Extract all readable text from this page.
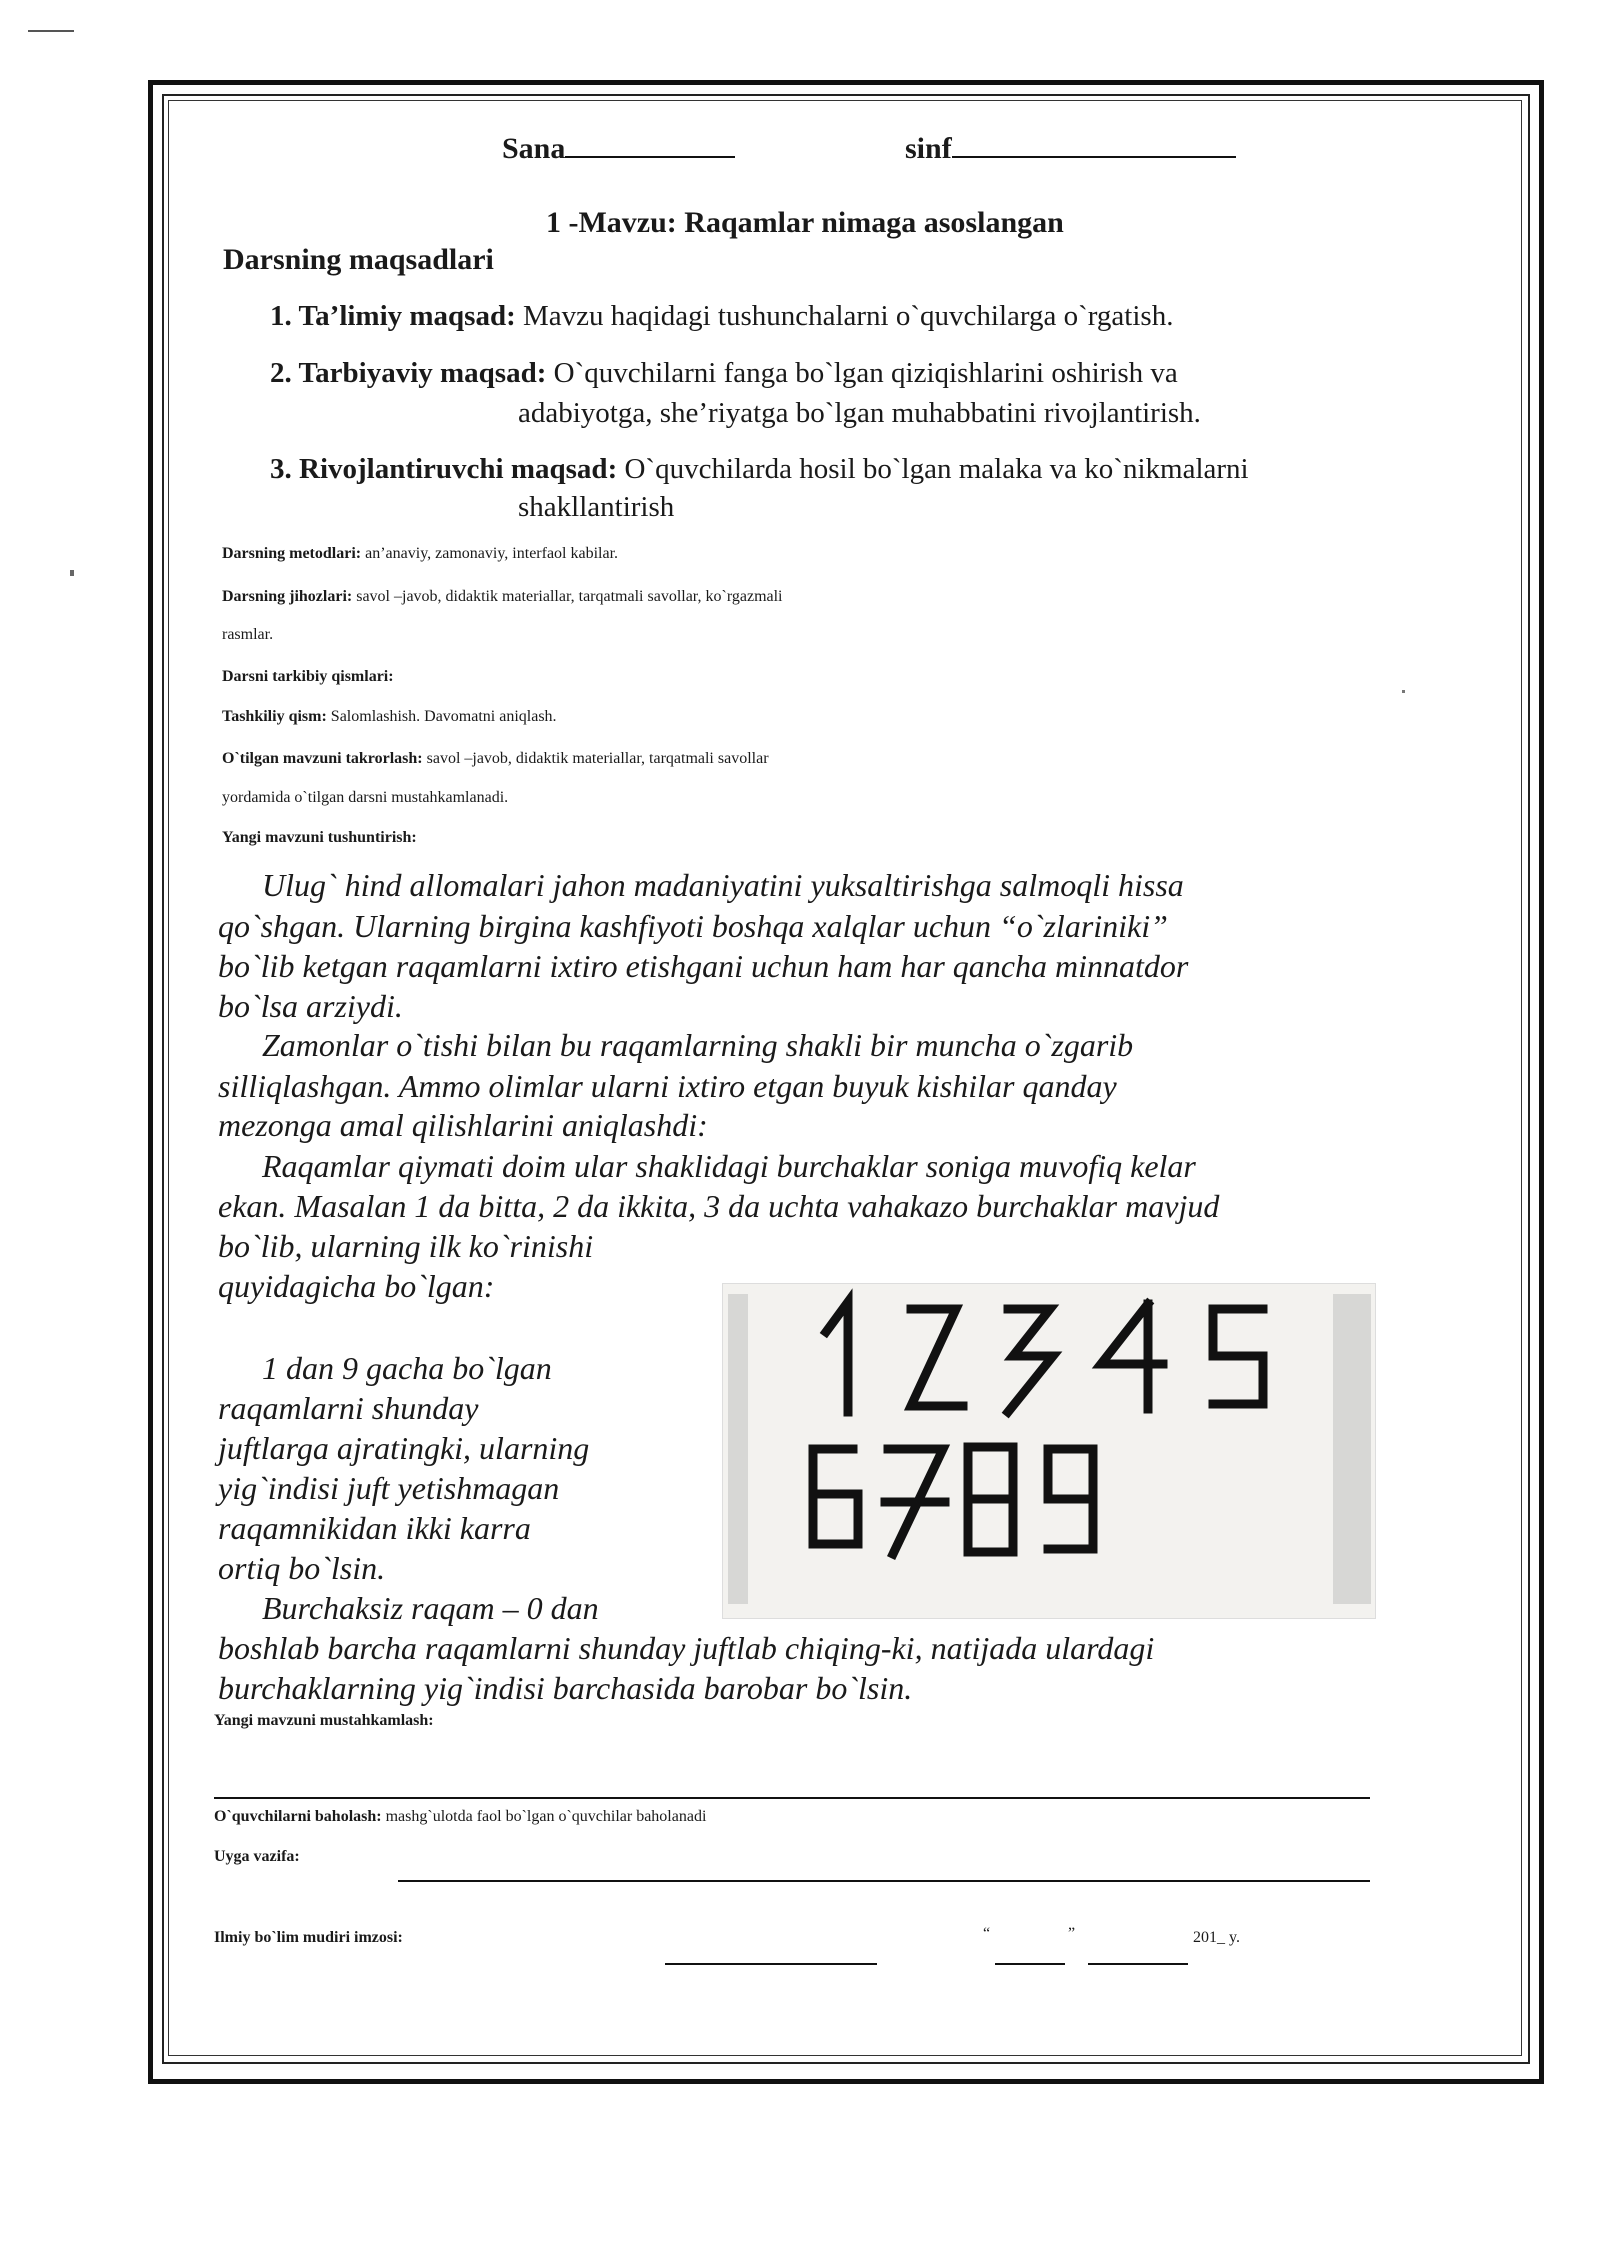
Sana	sinf
1 -Mavzu: Raqamlar nimaga asoslangan
Darsning maqsadlari
1. Ta’limiy maqsad: Mavzu haqidagi tushunchalarni o`quvchilarga o`rgatish.
2. Tarbiyaviy maqsad: O`quvchilarni fanga bo`lgan qiziqishlarini oshirish va
adabiyotga, she’riyatga bo`lgan muhabbatini rivojlantirish.
3. Rivojlantiruvchi maqsad: O`quvchilarda hosil bo`lgan malaka va ko`nikmalarni
shakllantirish
Darsning metodlari: an’anaviy, zamonaviy, interfaol kabilar.
Darsning jihozlari: savol –javob, didaktik materiallar, tarqatmali savollar, ko`rgazmali
rasmlar.
Darsni tarkibiy qismlari:
Tashkiliy qism: Salomlashish. Davomatni aniqlash.
O`tilgan mavzuni takrorlash: savol –javob, didaktik materiallar, tarqatmali savollar
yordamida o`tilgan darsni mustahkamlanadi.
Yangi mavzuni tushuntirish:
Ulug` hind allomalari jahon madaniyatini yuksaltirishga salmoqli hissa
qo`shgan. Ularning birgina kashfiyoti boshqa xalqlar uchun “o`zlariniki”
bo`lib ketgan raqamlarni ixtiro etishgani uchun ham har qancha minnatdor
bo`lsa arziydi.
Zamonlar o`tishi bilan bu raqamlarning shakli bir muncha o`zgarib
silliqlashgan. Ammo olimlar ularni ixtiro etgan buyuk kishilar qanday
mezonga amal qilishlarini aniqlashdi:
Raqamlar qiymati doim ular shaklidagi burchaklar soniga muvofiq kelar
ekan. Masalan 1 da bitta, 2 da ikkita, 3 da uchta vahakazo burchaklar mavjud
bo`lib, ularning ilk ko`rinishi
quyidagicha bo`lgan:
1 dan 9 gacha bo`lgan
raqamlarni shunday
juftlarga ajratingki, ularning
yig`indisi juft yetishmagan
raqamnikidan ikki karra
ortiq bo`lsin.
Burchaksiz raqam – 0 dan
boshlab barcha raqamlarni shunday juftlab chiqing-ki, natijada ulardagi
burchaklarning yig`indisi barchasida barobar bo`lsin.
Yangi mavzuni mustahkamlash:
O`quvchilarni baholash: mashg`ulotda faol bo`lgan o`quvchilar baholanadi
Uyga vazifa:
Ilmiy bo`lim mudiri imzosi:	“	”	201_ y.
